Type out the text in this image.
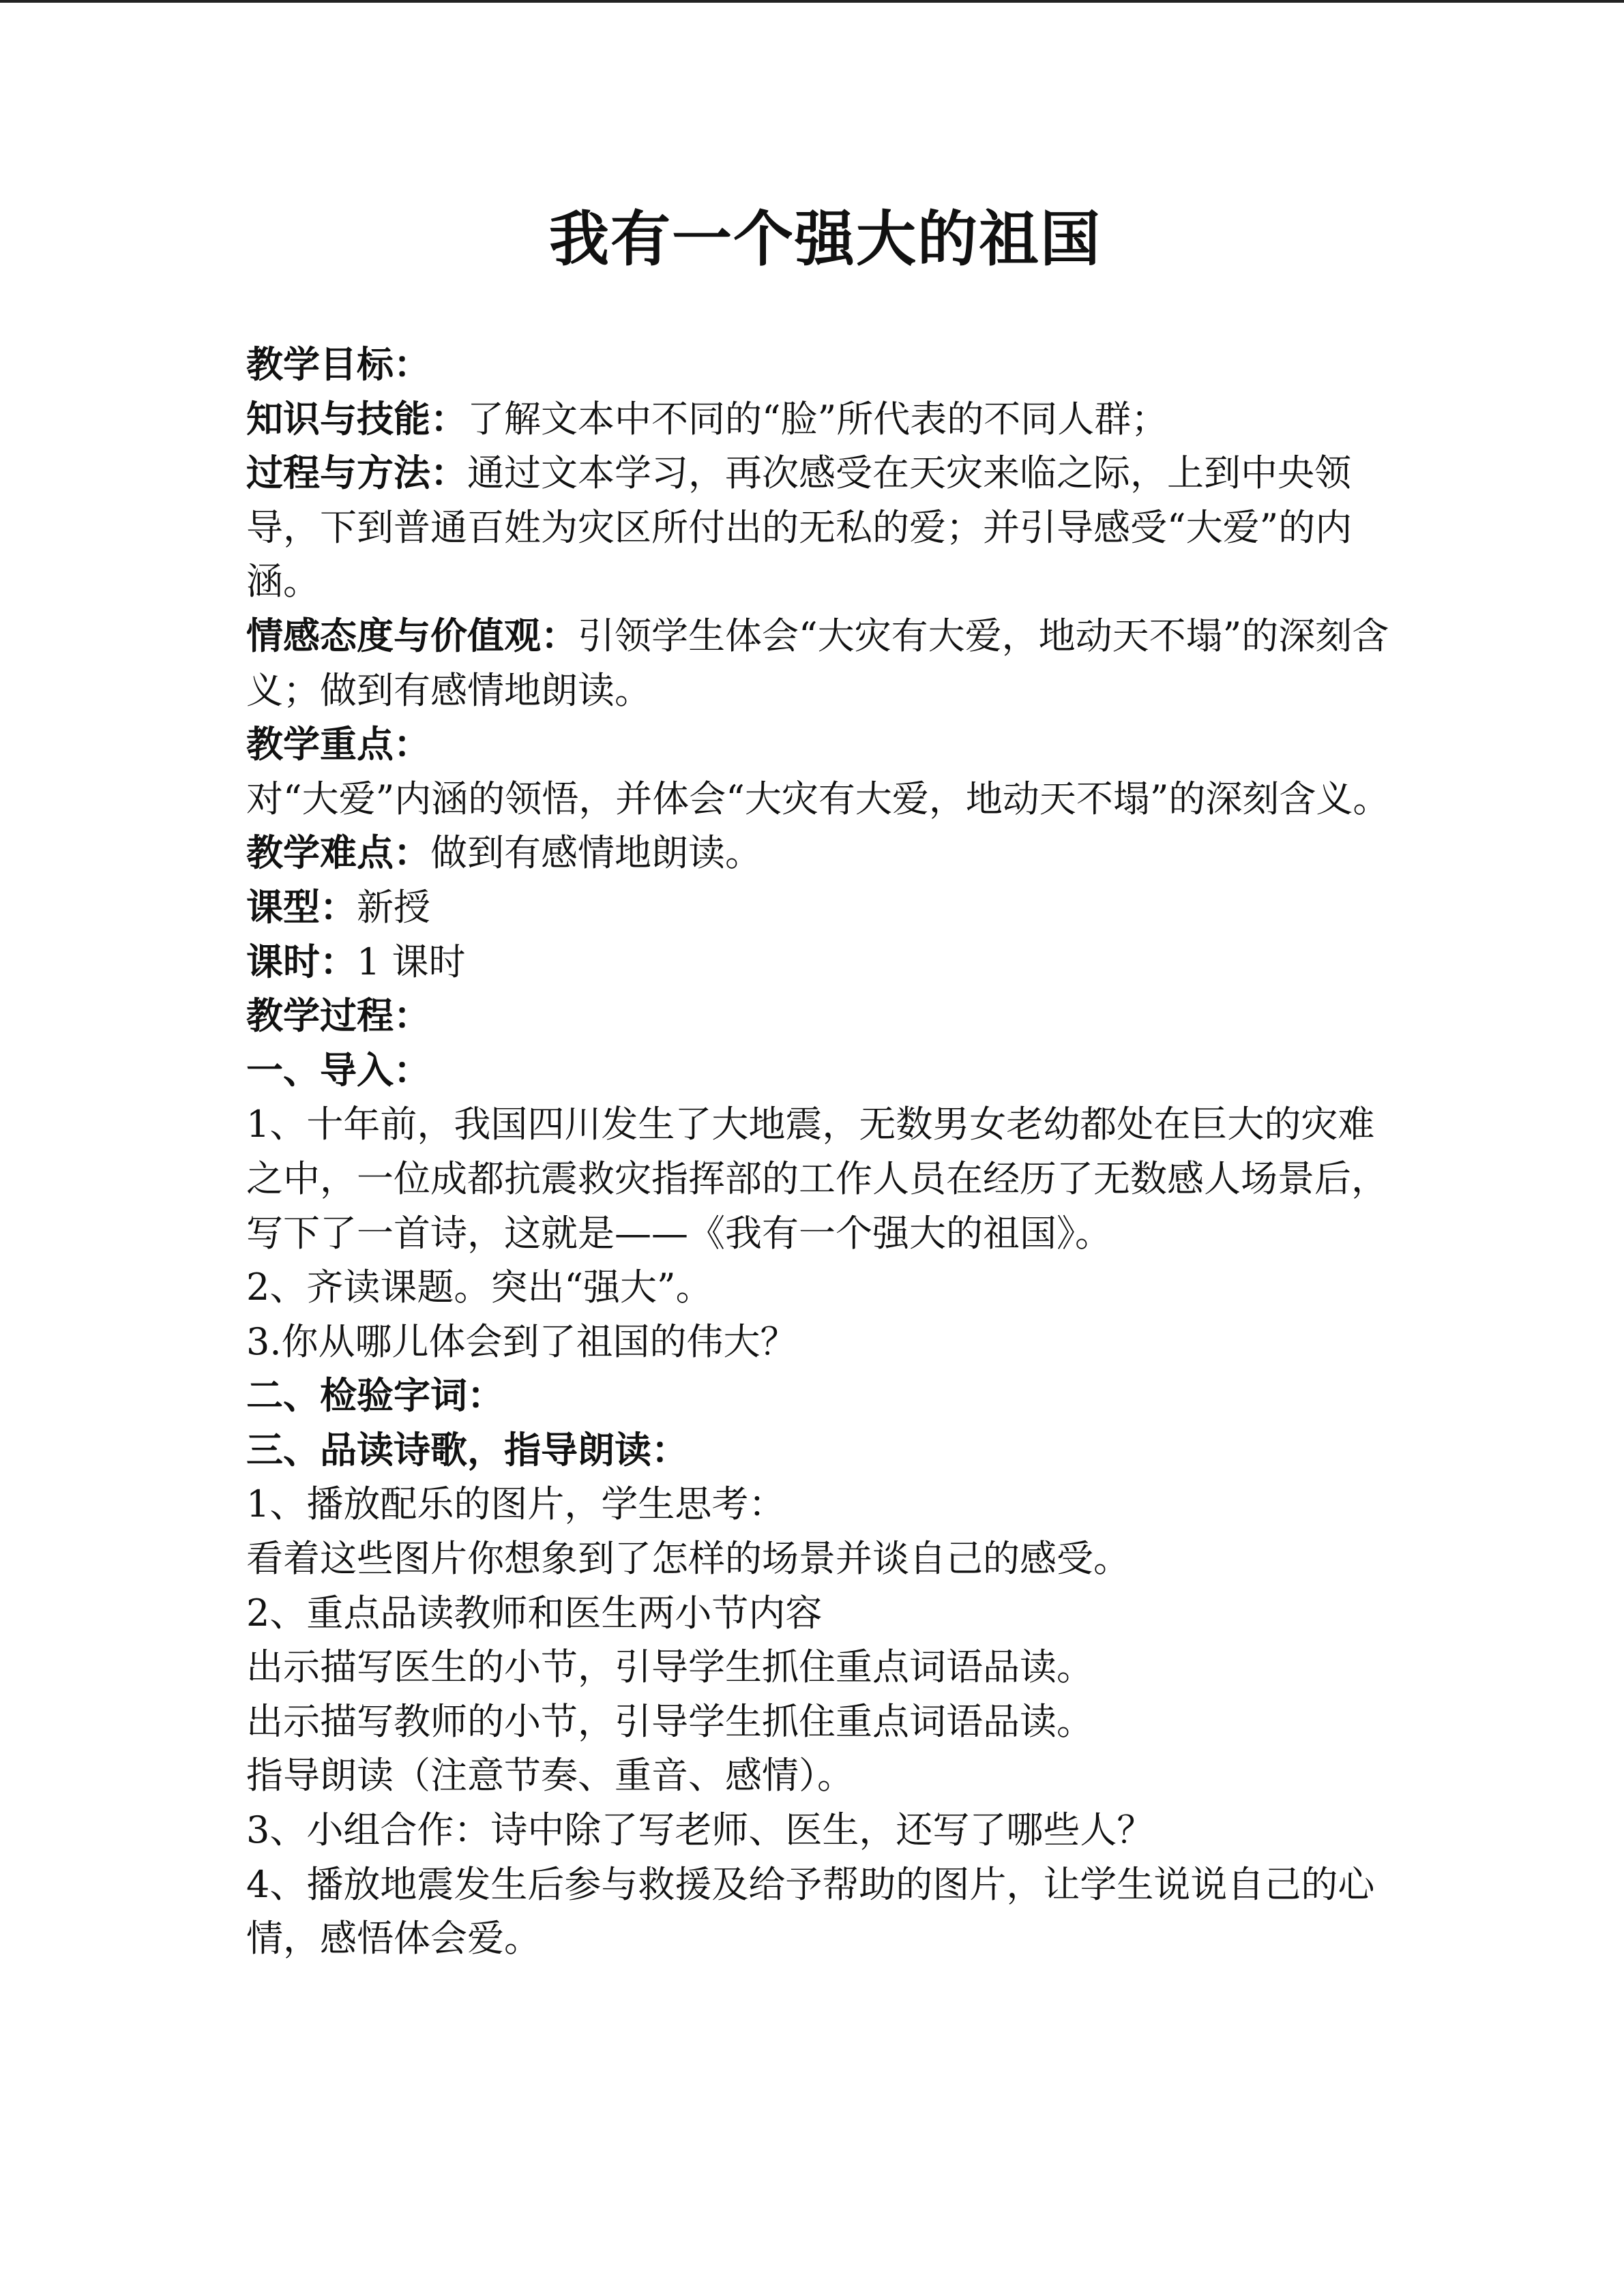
我有一个强大的祖国

教学目标：

知识与技能：了解文本中不同的“脸”所代表的不同人群；

过程与方法：通过文本学习，再次感受在天灾来临之际，上到中央领导，下到普通百姓为灾区所付出的无私的爱；并引导感受“大爱”的内涵。

情感态度与价值观：引领学生体会“大灾有大爱，地动天不塌”的深刻含义；做到有感情地朗读。

教学重点：

对“大爱”内涵的领悟，并体会“大灾有大爱，地动天不塌”的深刻含义。

教学难点：做到有感情地朗读。

课型：新授

课时：1 课时

教学过程：

一、导入：

1、十年前，我国四川发生了大地震，无数男女老幼都处在巨大的灾难之中，一位成都抗震救灾指挥部的工作人员在经历了无数感人场景后，写下了一首诗，这就是——《我有一个强大的祖国》。

2、齐读课题。突出“强大”。

3.你从哪儿体会到了祖国的伟大？

二、检验字词：

三、品读诗歌，指导朗读：

1、播放配乐的图片，学生思考：

看着这些图片你想象到了怎样的场景并谈自己的感受。

2、重点品读教师和医生两小节内容

出示描写医生的小节，引导学生抓住重点词语品读。

出示描写教师的小节，引导学生抓住重点词语品读。

指导朗读（注意节奏、重音、感情）。

3、小组合作：诗中除了写老师、医生，还写了哪些人？

4、播放地震发生后参与救援及给予帮助的图片，让学生说说自己的心情，感悟体会爱。
